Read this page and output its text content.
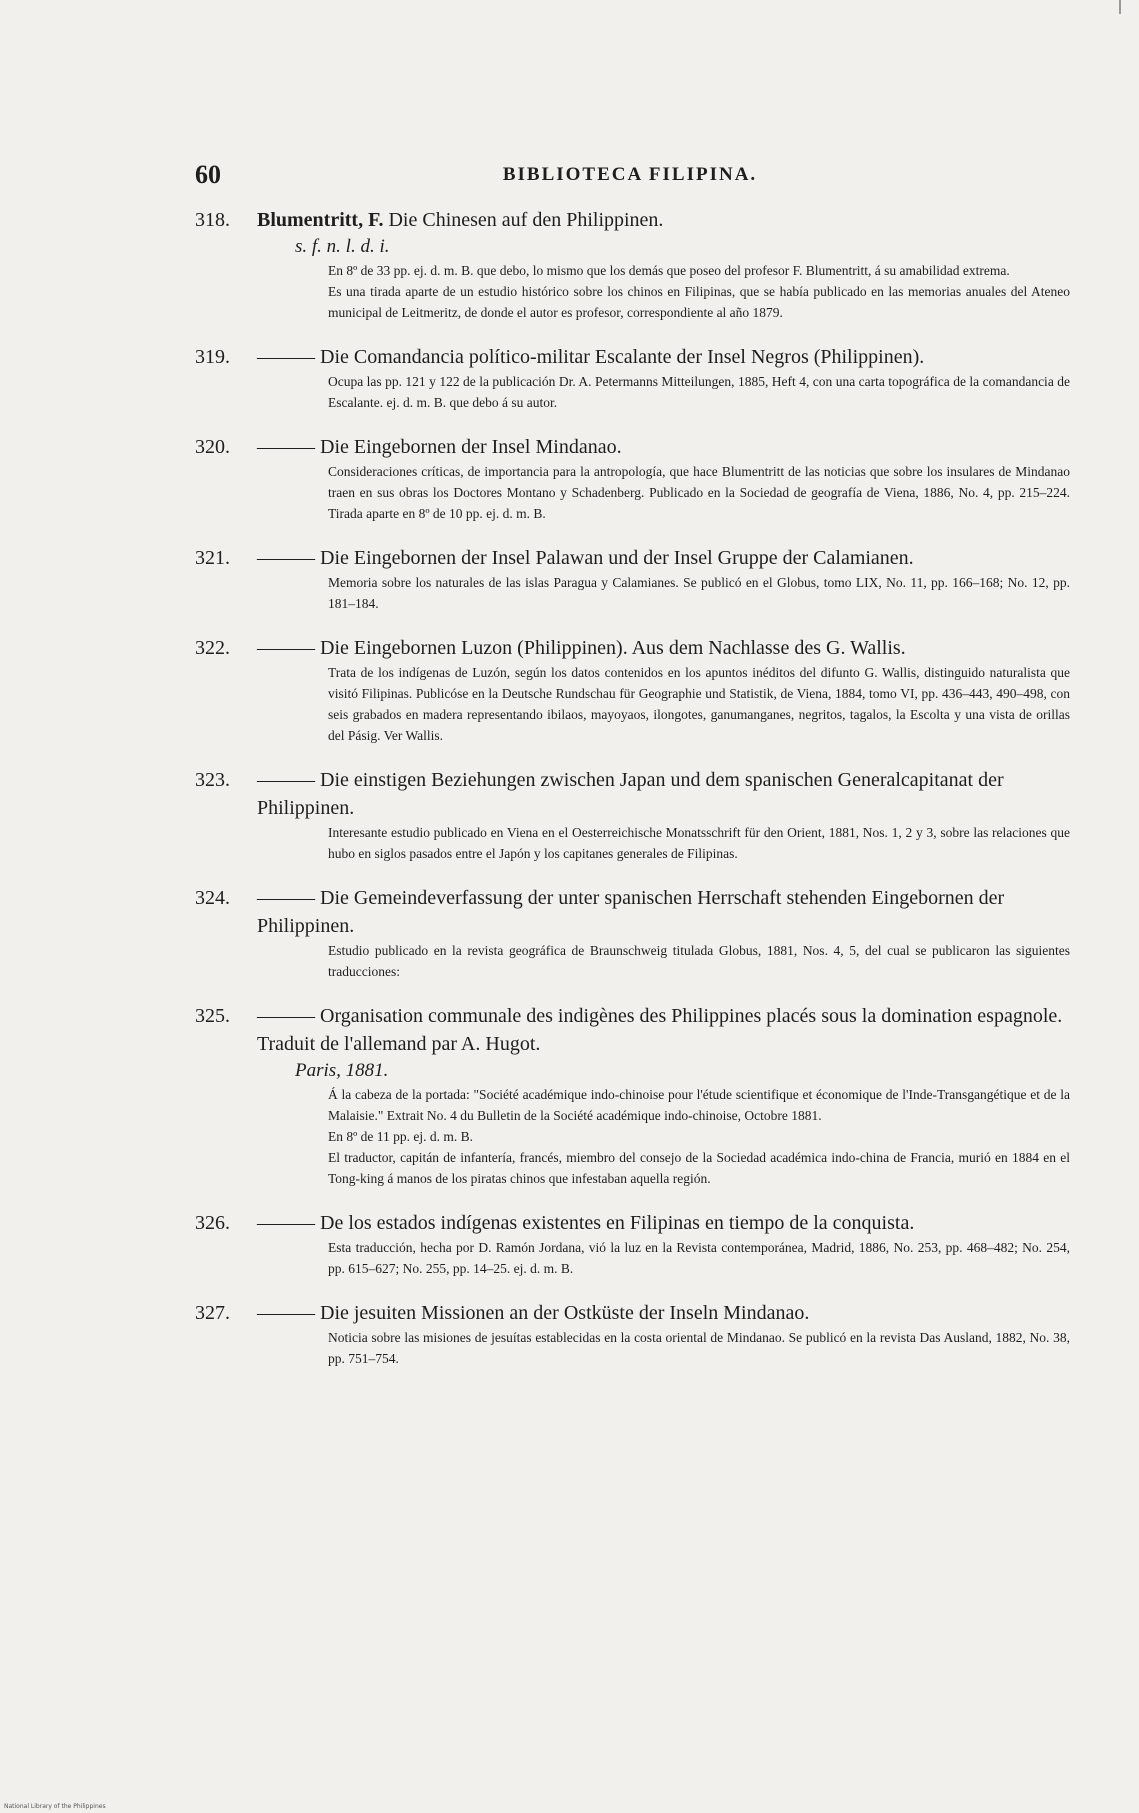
60	BIBLIOTECA FILIPINA.
318.	Blumentritt, F. Die Chinesen auf den Philippinen.
s. f. n. l. d. i.

En 8º de 33 pp. ej. d. m. B. que debo, lo mismo que los demás que poseo del profesor F. Blumentritt, á su amabilidad extrema.

Es una tirada aparte de un estudio histórico sobre los chinos en Filipinas, que se había publicado en las memorias anuales del Ateneo municipal de Leitmeritz, de donde el autor es profesor, correspondiente al año 1879.

319.	——— Die Comandancia político-militar Escalante der Insel Negros (Philippinen).

Ocupa las pp. 121 y 122 de la publicación Dr. A. Petermanns Mitteilungen, 1885, Heft 4, con una carta topográfica de la comandancia de Escalante. ej. d. m. B. que debo á su autor.

320.	——— Die Eingebornen der Insel Mindanao.

Consideraciones críticas, de importancia para la antropología, que hace Blumentritt de las noticias que sobre los insulares de Mindanao traen en sus obras los Doctores Montano y Schadenberg. Publicado en la Sociedad de geografía de Viena, 1886, No. 4, pp. 215–224. Tirada aparte en 8º de 10 pp. ej. d. m. B.

321.	——— Die Eingebornen der Insel Palawan und der Insel Gruppe der Calamianen.

Memoria sobre los naturales de las islas Paragua y Calamianes. Se publicó en el Globus, tomo LIX, No. 11, pp. 166–168; No. 12, pp. 181–184.

322.	——— Die Eingebornen Luzon (Philippinen). Aus dem Nachlasse des G. Wallis.

Trata de los indígenas de Luzón, según los datos contenidos en los apuntos inéditos del difunto G. Wallis, distinguido naturalista que visitó Filipinas. Publicóse en la Deutsche Rundschau für Geographie und Statistik, de Viena, 1884, tomo VI, pp. 436–443, 490–498, con seis grabados en madera representando ibilaos, mayoyaos, ilongotes, ganumanganes, negritos, tagalos, la Escolta y una vista de orillas del Pásig. Ver Wallis.

323.	——— Die einstigen Beziehungen zwischen Japan und dem spanischen Generalcapitanat der Philippinen.

Interesante estudio publicado en Viena en el Oesterreichische Monatsschrift für den Orient, 1881, Nos. 1, 2 y 3, sobre las relaciones que hubo en siglos pasados entre el Japón y los capitanes generales de Filipinas.

324.	——— Die Gemeindeverfassung der unter spanischen Herrschaft stehenden Eingebornen der Philippinen.

Estudio publicado en la revista geográfica de Braunschweig titulada Globus, 1881, Nos. 4, 5, del cual se publicaron las siguientes traducciones:

325.	——— Organisation communale des indigènes des Philippines placés sous la domination espagnole. Traduit de l'allemand par A. Hugot.
Paris, 1881.

Á la cabeza de la portada: "Société académique indo-chinoise pour l'étude scientifique et économique de l'Inde-Transgangétique et de la Malaisie." Extrait No. 4 du Bulletin de la Société académique indo-chinoise, Octobre 1881.

En 8º de 11 pp. ej. d. m. B.

El traductor, capitán de infantería, francés, miembro del consejo de la Sociedad académica indo-china de Francia, murió en 1884 en el Tong-king á manos de los piratas chinos que infestaban aquella región.

326.	——— De los estados indígenas existentes en Filipinas en tiempo de la conquista.

Esta traducción, hecha por D. Ramón Jordana, vió la luz en la Revista contemporánea, Madrid, 1886, No. 253, pp. 468–482; No. 254, pp. 615–627; No. 255, pp. 14–25. ej. d. m. B.

327.	——— Die jesuiten Missionen an der Ostküste der Inseln Mindanao.

Noticia sobre las misiones de jesuítas establecidas en la costa oriental de Mindanao. Se publicó en la revista Das Ausland, 1882, No. 38, pp. 751–754.

National Library of the Philippines
